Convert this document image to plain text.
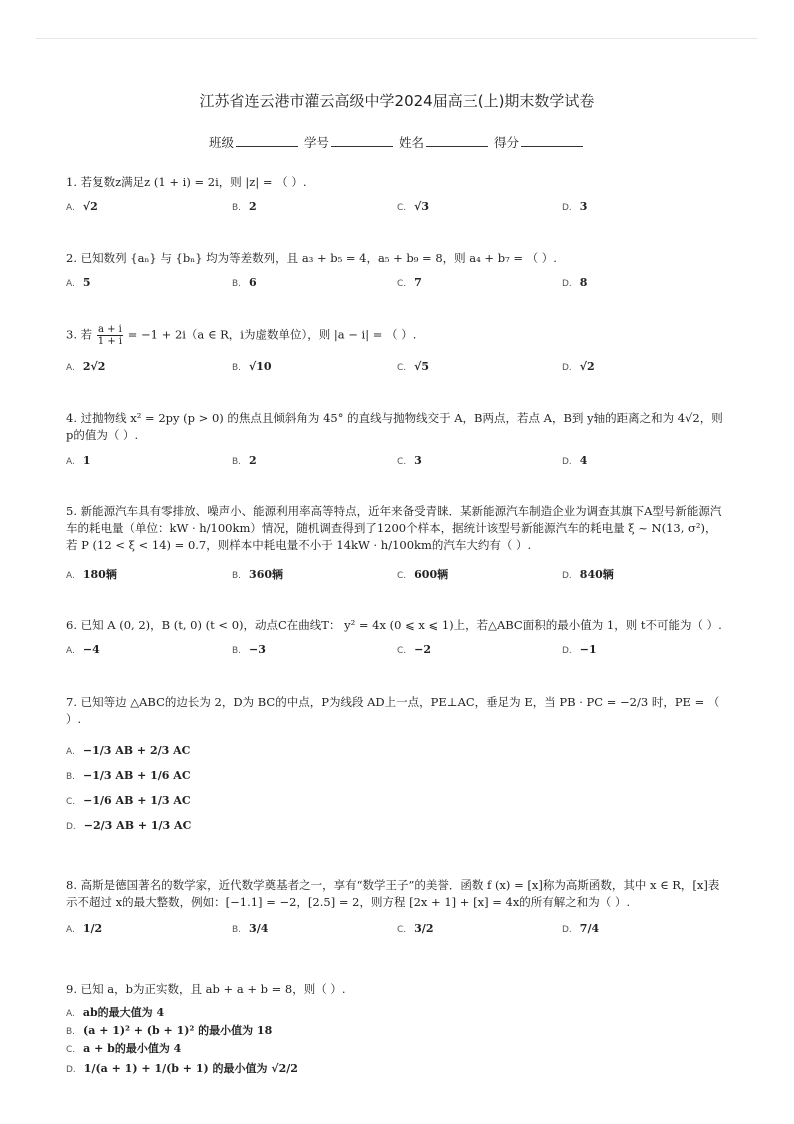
江苏省连云港市灌云高级中学2024届高三(上)期末数学试卷
班级	学号	姓名	得分
1. 若复数z满足z (1 + i) = 2i，则 |z| = （ ）.
A. √2	B. 2	C. √3	D. 3
2. 已知数列 {aₙ} 与 {bₙ} 均为等差数列，且 a₃ + b₅ = 4，a₅ + b₉ = 8，则 a₄ + b₇ = （ ）.
A. 5	B. 6	C. 7	D. 8
3. 若 $\frac{a + i}{1 + i} = -1 + 2i(a$ ∈ R，i为虚数单位），则 |a − i| = （ ）.
A. 2√2	B. √10	C. √5	D. √2
4. 过抛物线 x² = 2py (p > 0) 的焦点且倾斜角为 45° 的直线与抛物线交于 A，B两点，若点 A，B到 y轴的距离之和为 4√2，则 p的值为（ ）.
A. 1	B. 2	C. 3	D. 4
5. 新能源汽车具有零排放、噪声小、能源利用率高等特点，近年来备受青睐．某新能源汽车制造企业为调查其旗下A型号新能源汽车的耗电量（单位：kW · h/100km）情况，随机调查得到了1200个样本，据统计该型号新能源汽车的耗电量 ξ ~ N(13, σ²)，若 P (12 < ξ < 14) = 0.7，则样本中耗电量不小于 14kW · h/100km的汽车大约有（ ）.
A. 180辆	B. 360辆	C. 600辆	D. 840辆
6. 已知 A (0, 2)，B (t, 0) (t < 0)，动点C在曲线T： y² = 4x (0 ⩽ x ⩽ 1)上，若△ABC面积的最小值为 1，则 t不可能为（ ）.
A. −4	B. −3	C. −2	D. −1
7. 已知等边 △ABC的边长为 2，D为 BC的中点，P为线段 AD上一点，PE⊥AC，垂足为 E，当 PB · PC = −2/3 时，PE = （ ）.
A. −1/3 AB + 2/3 AC
B. −1/3 AB + 1/6 AC
C. −1/6 AB + 1/3 AC
D. −2/3 AB + 1/3 AC
8. 高斯是德国著名的数学家，近代数学奠基者之一，享有“数学王子”的美誉．函数 f (x) = [x]称为高斯函数，其中 x ∈ R，[x]表示不超过 x的最大整数，例如：[−1.1] = −2，[2.5] = 2，则方程 [2x + 1] + [x] = 4x的所有解之和为（ ）.
A. 1/2	B. 3/4	C. 3/2	D. 7/4
9. 已知 a，b为正实数，且 ab + a + b = 8，则（ ）.
A. ab的最大值为 4
B. (a + 1)² + (b + 1)² 的最小值为 18
C. a + b的最小值为 4
D. 1/(a + 1) + 1/(b + 1) 的最小值为 √2/2
